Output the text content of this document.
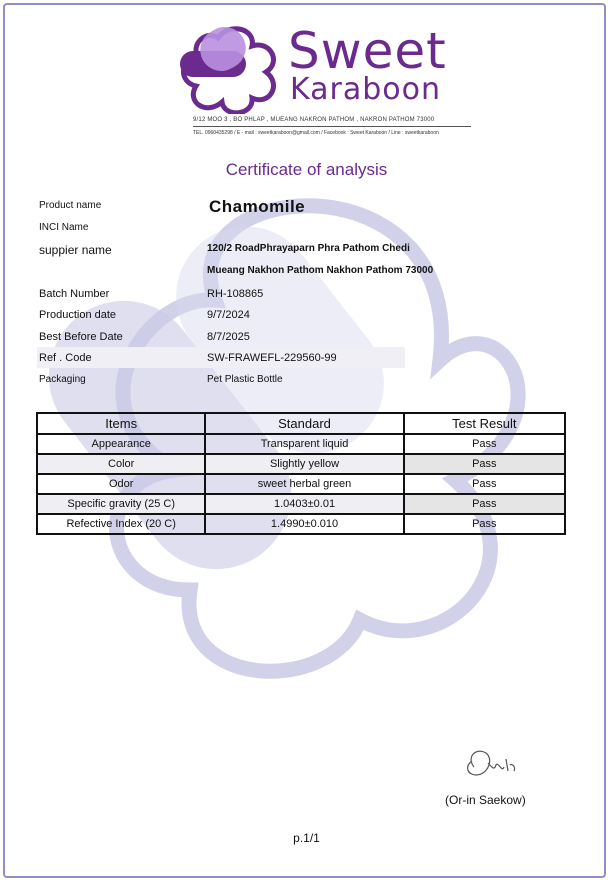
Sweet
Karaboon
9/12 MOO 3 , BO PHLAP , MUEANG NAKRON PATHOM , NAKRON PATHOM 73000
TEL. 0960435298 / E - mail : sweetkaraboon@gmail.com / Facebook : Sweet Karaboon / Line : sweetkaraboon
Certificate of analysis
Product name	Chamomile
INCI Name
suppier name	120/2 RoadPhrayaparn Phra Pathom Chedi
Mueang Nakhon Pathom Nakhon Pathom 73000
Batch Number	RH-108865
Production date	9/7/2024
Best Before Date	8/7/2025
Ref . Code	SW-FRAWEFL-229560-99
Packaging	Pet Plastic Bottle
Items	Standard	Test Result
Appearance	Transparent liquid	Pass
Color	Slightly yellow	Pass
Odor	sweet herbal green	Pass
Specific gravity (25 C)	1.0403±0.01	Pass
Refective Index (20 C)	1.4990±0.010	Pass
(Or-in Saekow)
p.1/1
